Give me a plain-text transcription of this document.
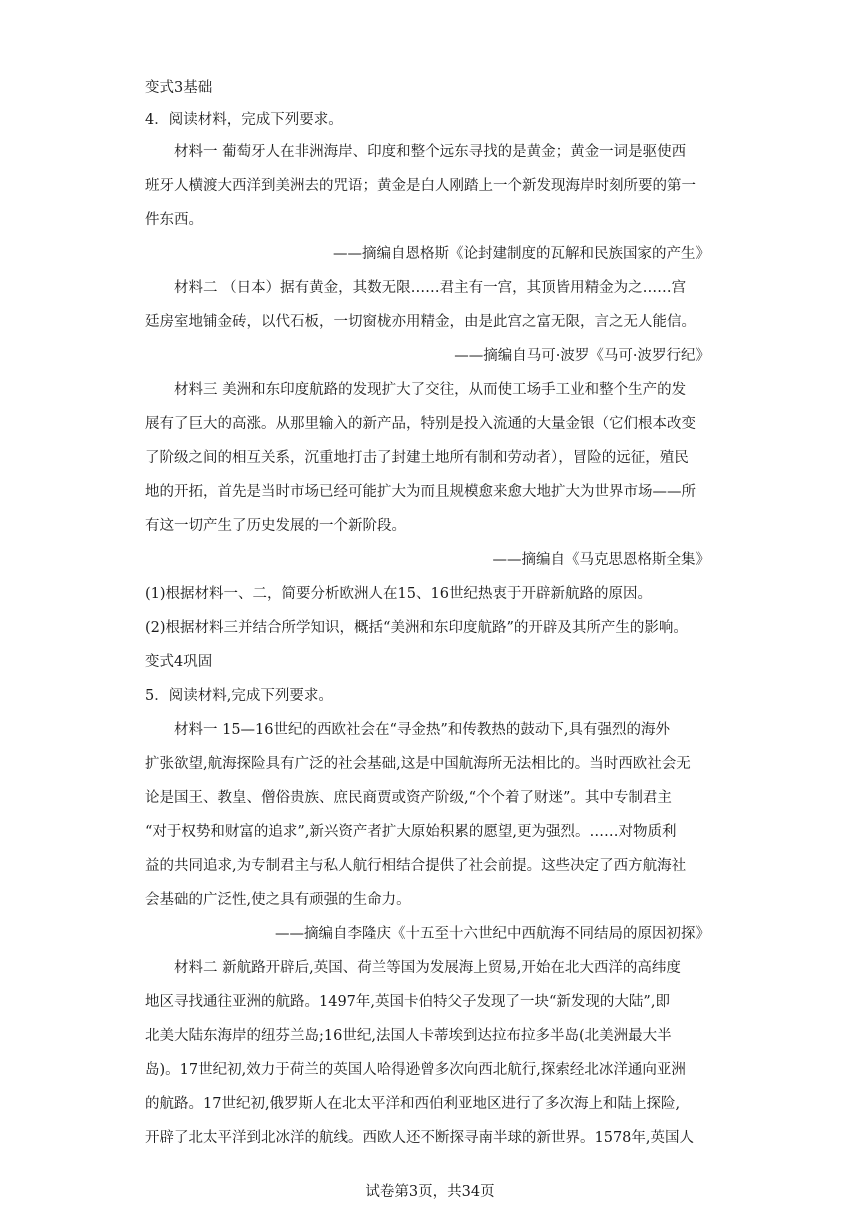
变式3基础
4．阅读材料，完成下列要求。
材料一 葡萄牙人在非洲海岸、印度和整个远东寻找的是黄金；黄金一词是驱使西
班牙人横渡大西洋到美洲去的咒语；黄金是白人刚踏上一个新发现海岸时刻所要的第一
件东西。
——摘编自恩格斯《论封建制度的瓦解和民族国家的产生》
材料二 （日本）据有黄金，其数无限……君主有一宫，其顶皆用精金为之……宫
廷房室地铺金砖，以代石板，一切窗栊亦用精金，由是此宫之富无限，言之无人能信。
——摘编自马可·波罗《马可·波罗行纪》
材料三 美洲和东印度航路的发现扩大了交往，从而使工场手工业和整个生产的发
展有了巨大的高涨。从那里输入的新产品，特别是投入流通的大量金银（它们根本改变
了阶级之间的相互关系，沉重地打击了封建土地所有制和劳动者），冒险的远征，殖民
地的开拓，首先是当时市场已经可能扩大为而且规模愈来愈大地扩大为世界市场——所
有这一切产生了历史发展的一个新阶段。
——摘编自《马克思恩格斯全集》
(1)根据材料一、二，简要分析欧洲人在15、16世纪热衷于开辟新航路的原因。
(2)根据材料三并结合所学知识，概括“美洲和东印度航路”的开辟及其所产生的影响。
变式4巩固
5．阅读材料,完成下列要求。
材料一 15—16世纪的西欧社会在“寻金热”和传教热的鼓动下,具有强烈的海外
扩张欲望,航海探险具有广泛的社会基础,这是中国航海所无法相比的。当时西欧社会无
论是国王、教皇、僧俗贵族、庶民商贾或资产阶级,“个个着了财迷”。其中专制君主
“对于权势和财富的追求”,新兴资产者扩大原始积累的愿望,更为强烈。……对物质利
益的共同追求,为专制君主与私人航行相结合提供了社会前提。这些决定了西方航海社
会基础的广泛性,使之具有顽强的生命力。
——摘编自李隆庆《十五至十六世纪中西航海不同结局的原因初探》
材料二 新航路开辟后,英国、荷兰等国为发展海上贸易,开始在北大西洋的高纬度
地区寻找通往亚洲的航路。1497年,英国卡伯特父子发现了一块“新发现的大陆”,即
北美大陆东海岸的纽芬兰岛;16世纪,法国人卡蒂埃到达拉布拉多半岛(北美洲最大半
岛)。17世纪初,效力于荷兰的英国人哈得逊曾多次向西北航行,探索经北冰洋通向亚洲
的航路。17世纪初,俄罗斯人在北太平洋和西伯利亚地区进行了多次海上和陆上探险,
开辟了北太平洋到北冰洋的航线。西欧人还不断探寻南半球的新世界。1578年,英国人
试卷第3页，共34页
